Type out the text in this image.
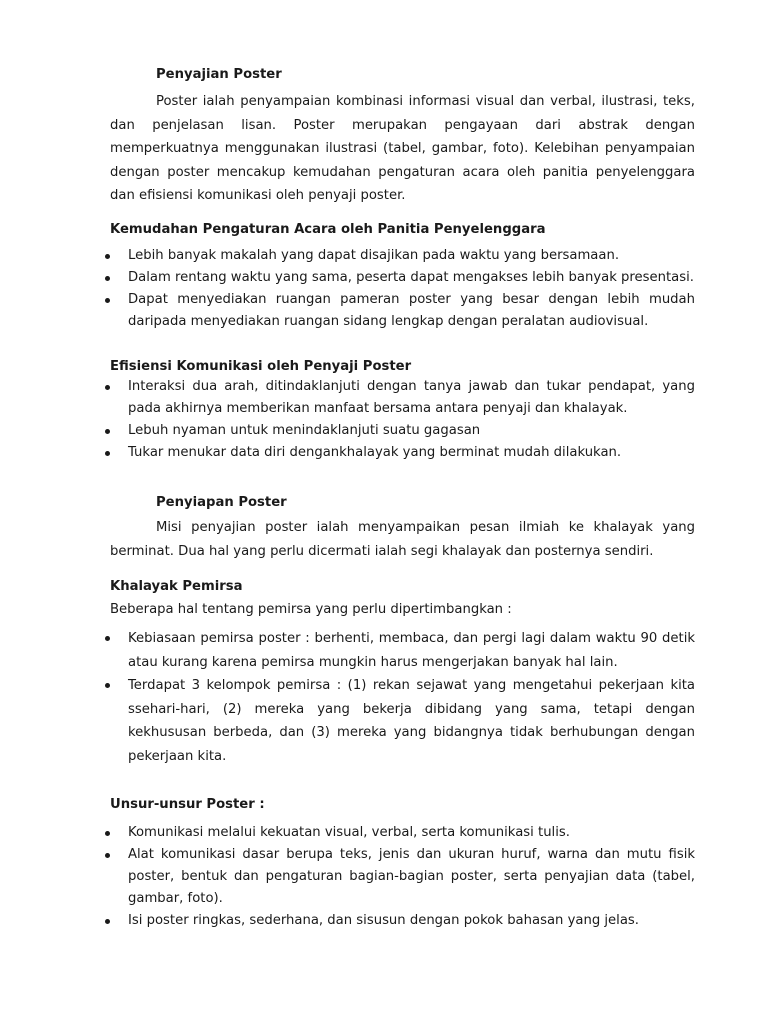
Penyajian Poster

Poster ialah penyampaian kombinasi informasi visual dan verbal, ilustrasi, teks, dan penjelasan lisan. Poster merupakan pengayaan dari abstrak dengan memperkuatnya menggunakan ilustrasi (tabel, gambar, foto). Kelebihan penyampaian dengan poster mencakup kemudahan pengaturan acara oleh panitia penyelenggara dan efisiensi komunikasi oleh penyaji poster.

Kemudahan Pengaturan Acara oleh Panitia Penyelenggara
Lebih banyak makalah yang dapat disajikan pada waktu yang bersamaan.
Dalam rentang waktu yang sama, peserta dapat mengakses lebih banyak presentasi.
Dapat menyediakan ruangan pameran poster yang besar dengan lebih mudah daripada menyediakan ruangan sidang lengkap dengan peralatan audiovisual.
Efisiensi Komunikasi oleh Penyaji Poster
Interaksi dua arah, ditindaklanjuti dengan tanya jawab dan tukar pendapat, yang pada akhirnya memberikan manfaat bersama antara penyaji dan khalayak.
Lebuh nyaman untuk menindaklanjuti suatu gagasan
Tukar menukar data diri dengankhalayak yang berminat mudah dilakukan.
Penyiapan Poster

Misi penyajian poster ialah menyampaikan pesan ilmiah ke khalayak yang berminat. Dua hal yang perlu dicermati ialah segi khalayak dan posternya sendiri.

Khalayak Pemirsa
Beberapa hal tentang pemirsa yang perlu dipertimbangkan :
Kebiasaan pemirsa poster : berhenti, membaca, dan pergi lagi dalam waktu 90 detik atau kurang karena pemirsa mungkin harus mengerjakan banyak hal lain.
Terdapat 3 kelompok pemirsa : (1) rekan sejawat yang mengetahui pekerjaan kita ssehari-hari, (2) mereka yang bekerja dibidang yang sama, tetapi dengan kekhususan berbeda, dan (3) mereka yang bidangnya tidak berhubungan dengan pekerjaan kita.
Unsur-unsur Poster :
Komunikasi melalui kekuatan visual, verbal, serta komunikasi tulis.
Alat komunikasi dasar berupa teks, jenis dan ukuran huruf, warna dan mutu fisik poster, bentuk dan pengaturan bagian-bagian poster, serta penyajian data (tabel, gambar, foto).
Isi poster ringkas, sederhana, dan sisusun dengan pokok bahasan yang jelas.
